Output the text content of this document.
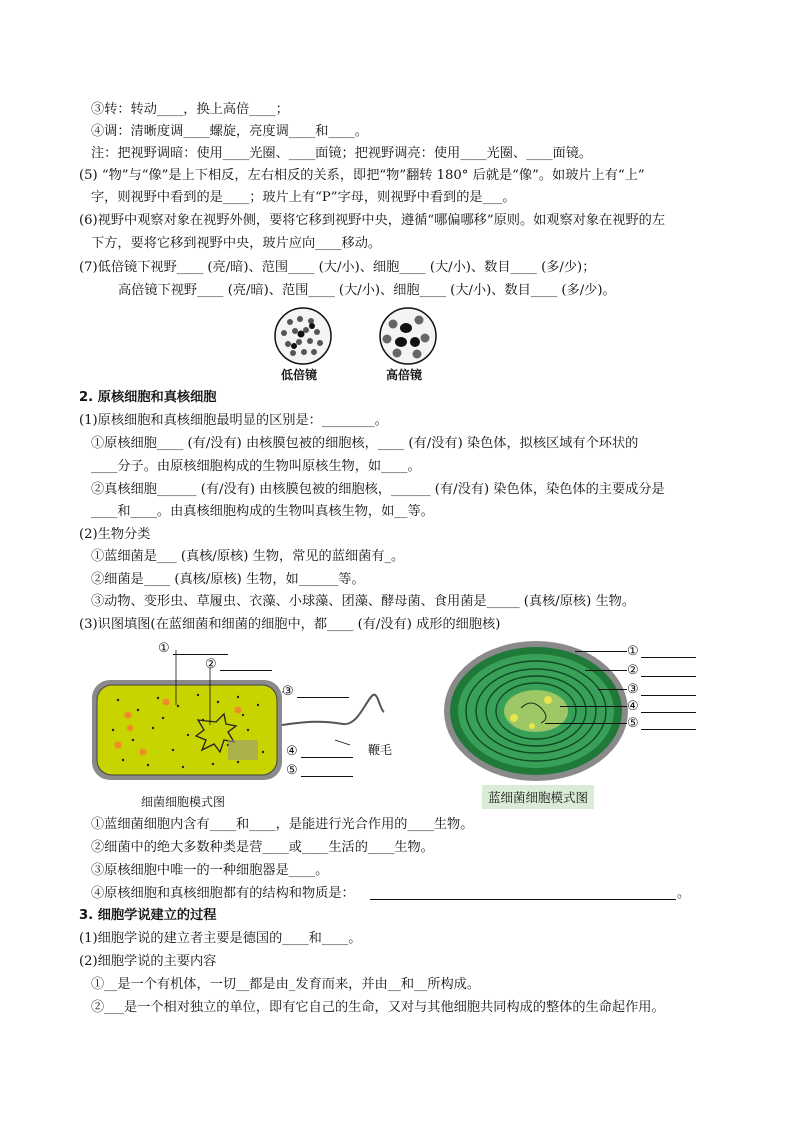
③转：转动____，换上高倍____；
④调：清晰度调____螺旋，亮度调____和____。
注：把视野调暗：使用____光圈、____面镜；把视野调亮：使用____光圈、____面镜。
(5) “物”与“像”是上下相反，左右相反的关系，即把“物”翻转 180° 后就是“像”。如玻片上有“上”
字，则视野中看到的是____；玻片上有“P”字母，则视野中看到的是___。
(6)视野中观察对象在视野外侧，要将它移到视野中央，遵循“哪偏哪移”原则。如观察对象在视野的左
下方，要将它移到视野中央，玻片应向____移动。
(7)低倍镜下视野____ (亮/暗)、范围____ (大/小)、细胞____ (大/小)、数目____ (多/少)；
高倍镜下视野____ (亮/暗)、范围____ (大/小)、细胞____ (大/小)、数目____ (多/少)。
低倍镜	高倍镜
2. 原核细胞和真核细胞
(1)原核细胞和真核细胞最明显的区别是：________。
①原核细胞____ (有/没有) 由核膜包被的细胞核，____ (有/没有) 染色体，拟核区域有个环状的
____分子。由原核细胞构成的生物叫原核生物，如____。
②真核细胞______ (有/没有) 由核膜包被的细胞核，______ (有/没有) 染色体，染色体的主要成分是
____和____。由真核细胞构成的生物叫真核生物，如__等。
(2)生物分类
①蓝细菌是___ (真核/原核) 生物，常见的蓝细菌有_。
②细菌是____ (真核/原核) 生物，如______等。
③动物、变形虫、草履虫、衣藻、小球藻、团藻、酵母菌、食用菌是_____ (真核/原核) 生物。
(3)识图填图(在蓝细菌和细菌的细胞中，都____ (有/没有) 成形的细胞核)
①
②
③
④
⑤
鞭毛
细菌细胞模式图
①
②
③
④
⑤
蓝细菌细胞模式图
①蓝细菌细胞内含有____和____，是能进行光合作用的____生物。
②细菌中的绝大多数种类是营____或____生活的____生物。
③原核细胞中唯一的一种细胞器是____。
④原核细胞和真核细胞都有的结构和物质是：	。
3. 细胞学说建立的过程
(1)细胞学说的建立者主要是德国的____和____。
(2)细胞学说的主要内容
①__是一个有机体，一切__都是由_发育而来，并由__和__所构成。
②___是一个相对独立的单位，即有它自己的生命，又对与其他细胞共同构成的整体的生命起作用。
